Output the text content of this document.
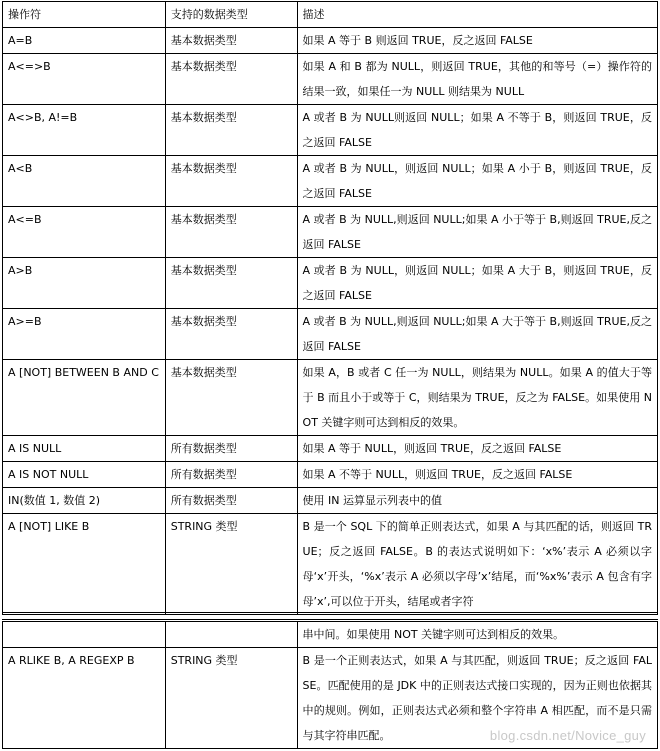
操作符	支持的数据类型	描述
A=B	基本数据类型	如果 A 等于 B 则返回 TRUE，反之返回 FALSE
A<=>B	基本数据类型	如果 A 和 B 都为 NULL，则返回 TRUE，其他的和等号（=）操作符的结果一致，如果任一为 NULL 则结果为 NULL
A<>B, A!=B	基本数据类型	A 或者 B 为 NULL则返回 NULL；如果 A 不等于 B，则返回 TRUE，反之返回 FALSE
A<B	基本数据类型	A 或者 B 为 NULL，则返回 NULL；如果 A 小于 B，则返回 TRUE，反之返回 FALSE
A<=B	基本数据类型	A 或者 B 为 NULL,则返回 NULL;如果 A 小于等于 B,则返回 TRUE,反之返回 FALSE
A>B	基本数据类型	A 或者 B 为 NULL，则返回 NULL；如果 A 大于 B，则返回 TRUE，反之返回 FALSE
A>=B	基本数据类型	A 或者 B 为 NULL,则返回 NULL;如果 A 大于等于 B,则返回 TRUE,反之返回 FALSE
A [NOT] BETWEEN B AND C	基本数据类型	如果 A，B 或者 C 任一为 NULL，则结果为 NULL。如果 A 的值大于等于 B 而且小于或等于 C，则结果为 TRUE，反之为 FALSE。如果使用 NOT 关键字则可达到相反的效果。
A IS NULL	所有数据类型	如果 A 等于 NULL，则返回 TRUE，反之返回 FALSE
A IS NOT NULL	所有数据类型	如果 A 不等于 NULL，则返回 TRUE，反之返回 FALSE
IN(数值 1, 数值 2)	所有数据类型	使用 IN 运算显示列表中的值
A [NOT] LIKE B	STRING 类型	B 是一个 SQL 下的简单正则表达式，如果 A 与其匹配的话，则返回 TRUE；反之返回 FALSE。B 的表达式说明如下：‘x%’表示 A 必须以字母‘x’开头，‘%x’表示 A 必须以字母’x’结尾，而‘%x%’表示 A 包含有字母’x’,可以位于开头，结尾或者字符
		串中间。如果使用 NOT 关键字则可达到相反的效果。
A RLIKE B, A REGEXP B	STRING 类型	B 是一个正则表达式，如果 A 与其匹配，则返回 TRUE；反之返回 FALSE。匹配使用的是 JDK 中的正则表达式接口实现的，因为正则也依据其中的规则。例如，正则表达式必须和整个字符串 A 相匹配，而不是只需与其字符串匹配。	blog.csdn.net/Novice_guy
